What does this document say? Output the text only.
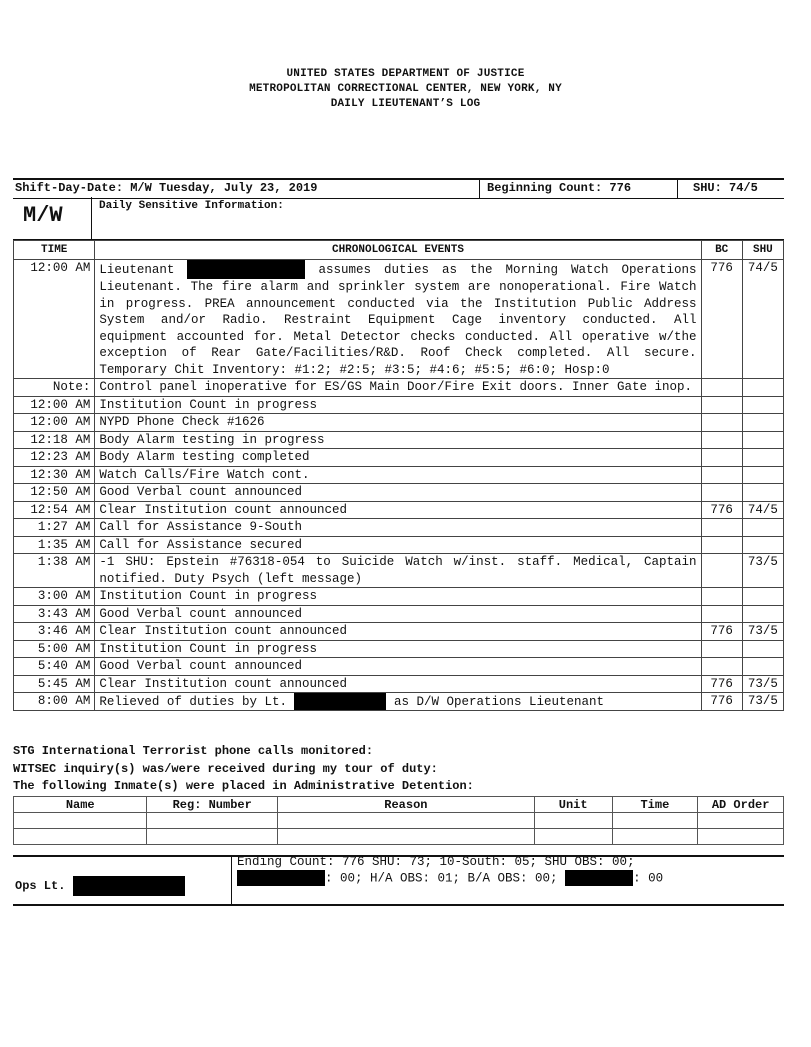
UNITED STATES DEPARTMENT OF JUSTICE
METROPOLITAN CORRECTIONAL CENTER, NEW YORK, NY
DAILY LIEUTENANT’S LOG
Shift-Day-Date: M/W Tuesday, July 23, 2019	Beginning Count: 776	SHU: 74/5
M/W	Daily Sensitive Information:
TIME	CHRONOLOGICAL EVENTS	BC	SHU
12:00 AM	Lieutenant assumes duties as the Morning Watch Operations Lieutenant. The fire alarm and sprinkler system are nonoperational. Fire Watch in progress. PREA announcement conducted via the Institution Public Address System and/or Radio. Restraint Equipment Cage inventory conducted. All equipment accounted for. Metal Detector checks conducted. All operative w/the exception of Rear Gate/Facilities/R&D. Roof Check completed. All secure. Temporary Chit Inventory: #1:2; #2:5; #3:5; #4:6; #5:5; #6:0; Hosp:0	776	74/5
Note:	Control panel inoperative for ES/GS Main Door/Fire Exit doors. Inner Gate inop.		
12:00 AM	Institution Count in progress		
12:00 AM	NYPD Phone Check #1626		
12:18 AM	Body Alarm testing in progress		
12:23 AM	Body Alarm testing completed		
12:30 AM	Watch Calls/Fire Watch cont.		
12:50 AM	Good Verbal count announced		
12:54 AM	Clear Institution count announced	776	74/5
1:27 AM	Call for Assistance 9-South		
1:35 AM	Call for Assistance secured		
1:38 AM	-1 SHU: Epstein #76318-054 to Suicide Watch w/inst. staff. Medical, Captain notified. Duty Psych (left message)		73/5
3:00 AM	Institution Count in progress		
3:43 AM	Good Verbal count announced		
3:46 AM	Clear Institution count announced	776	73/5
5:00 AM	Institution Count in progress		
5:40 AM	Good Verbal count announced		
5:45 AM	Clear Institution count announced	776	73/5
8:00 AM	Relieved of duties by Lt. as D/W Operations Lieutenant	776	73/5
STG International Terrorist phone calls monitored:
WITSEC inquiry(s) was/were received during my tour of duty:
The following Inmate(s) were placed in Administrative Detention:
Name	Reg: Number	Reason	Unit	Time	AD Order

Ops Lt.
Ending Count: 776 SHU: 73; 10-South: 05; SHU OBS: 00;
: 00; H/A OBS: 01; B/A OBS: 00;	: 00
